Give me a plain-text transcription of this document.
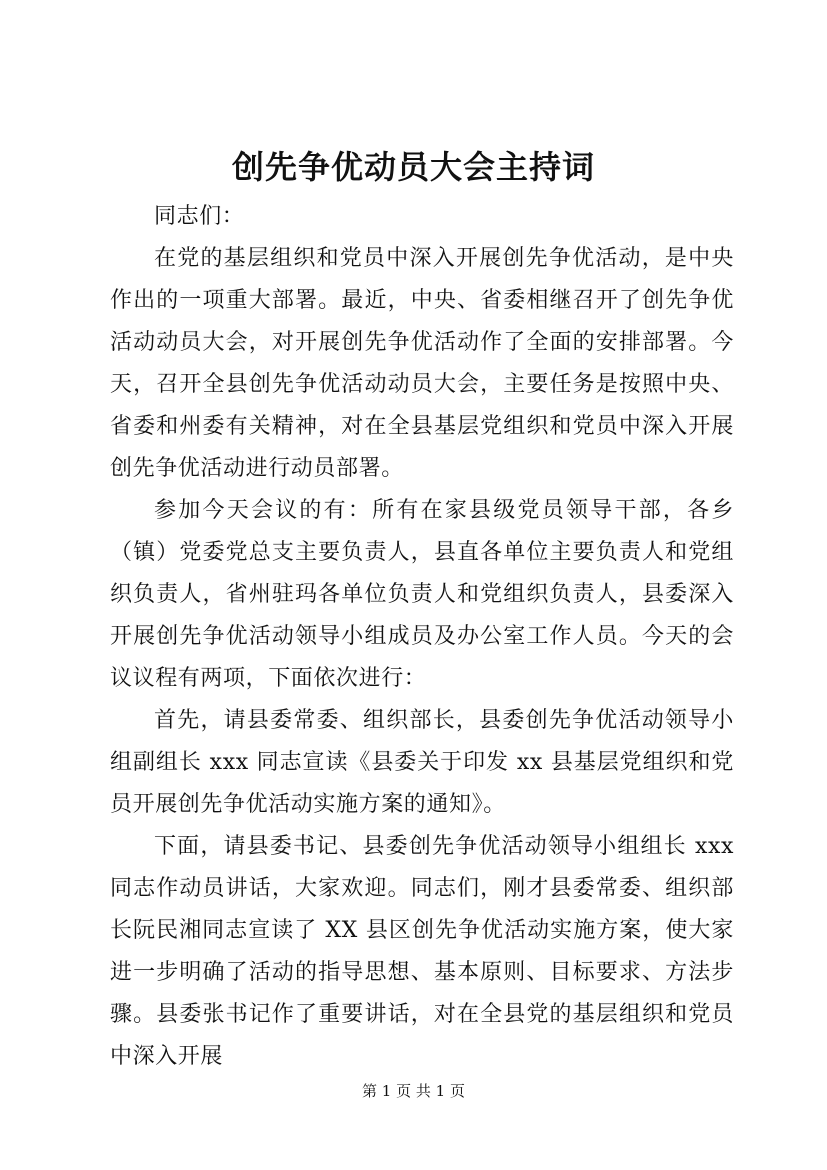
创先争优动员大会主持词

同志们：

在党的基层组织和党员中深入开展创先争优活动，是中央作出的一项重大部署。最近，中央、省委相继召开了创先争优活动动员大会，对开展创先争优活动作了全面的安排部署。今天，召开全县创先争优活动动员大会，主要任务是按照中央、省委和州委有关精神，对在全县基层党组织和党员中深入开展创先争优活动进行动员部署。

参加今天会议的有：所有在家县级党员领导干部，各乡（镇）党委党总支主要负责人，县直各单位主要负责人和党组织负责人，省州驻玛各单位负责人和党组织负责人，县委深入开展创先争优活动领导小组成员及办公室工作人员。今天的会议议程有两项，下面依次进行：

首先，请县委常委、组织部长，县委创先争优活动领导小组副组长 xxx 同志宣读《县委关于印发 xx 县基层党组织和党员开展创先争优活动实施方案的通知》。

下面，请县委书记、县委创先争优活动领导小组组长 xxx 同志作动员讲话，大家欢迎。同志们，刚才县委常委、组织部长阮民湘同志宣读了 XX 县区创先争优活动实施方案，使大家进一步明确了活动的指导思想、基本原则、目标要求、方法步骤。县委张书记作了重要讲话，对在全县党的基层组织和党员中深入开展

第 1 页 共 1 页
